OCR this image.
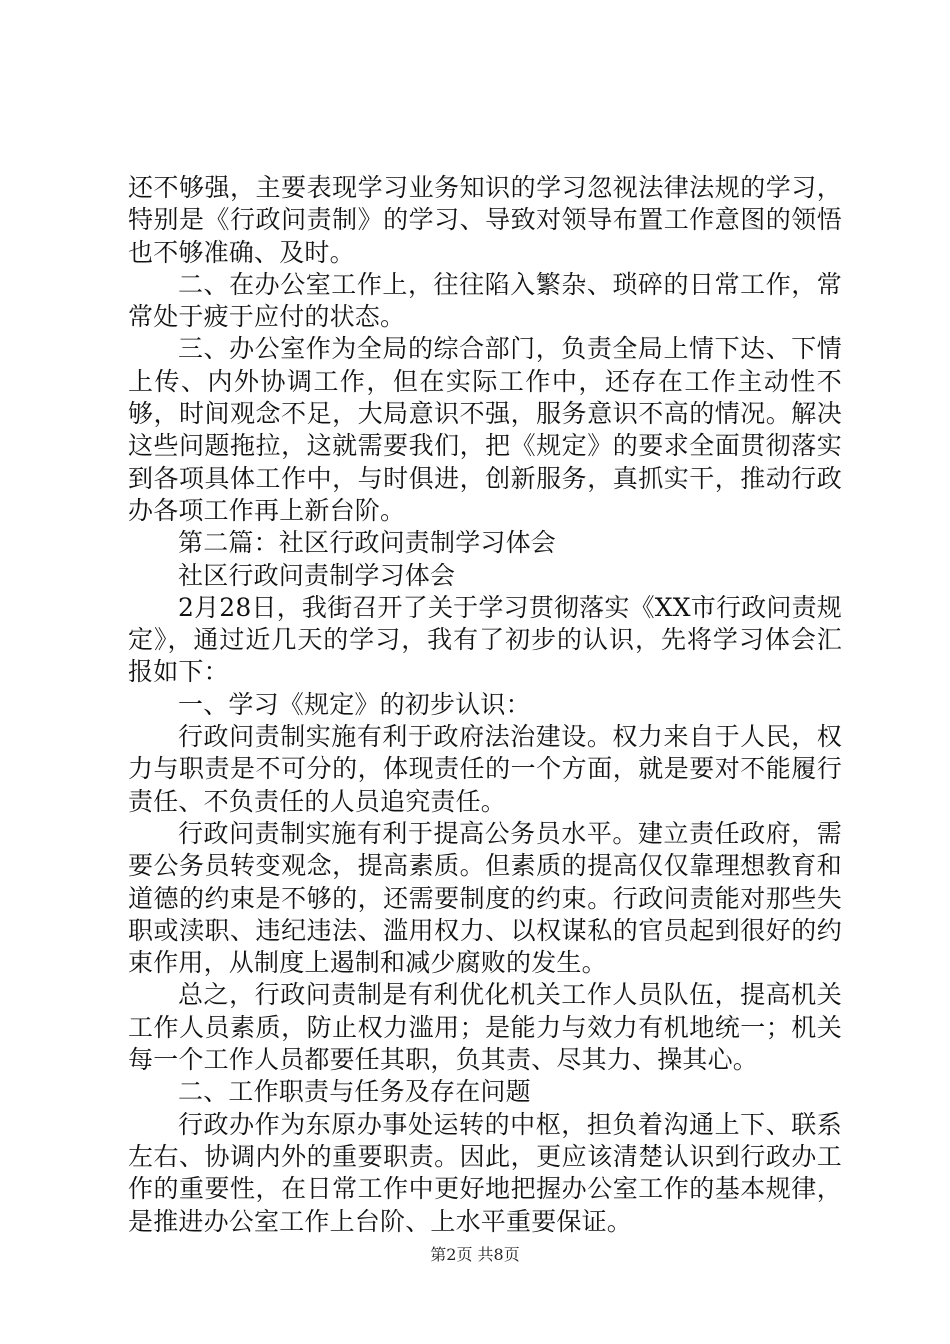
还不够强，主要表现学习业务知识的学习忽视法律法规的学习，特别是《行政问责制》的学习、导致对领导布置工作意图的领悟也不够准确、及时。

二、在办公室工作上，往往陷入繁杂、琐碎的日常工作，常常处于疲于应付的状态。

三、办公室作为全局的综合部门，负责全局上情下达、下情上传、内外协调工作，但在实际工作中，还存在工作主动性不够，时间观念不足，大局意识不强，服务意识不高的情况。解决这些问题拖拉，这就需要我们，把《规定》的要求全面贯彻落实到各项具体工作中，与时俱进，创新服务，真抓实干，推动行政办各项工作再上新台阶。

第二篇：社区行政问责制学习体会

社区行政问责制学习体会

2月28日，我街召开了关于学习贯彻落实《XX市行政问责规定》，通过近几天的学习，我有了初步的认识，先将学习体会汇报如下：

一、学习《规定》的初步认识：

行政问责制实施有利于政府法治建设。权力来自于人民，权力与职责是不可分的，体现责任的一个方面，就是要对不能履行责任、不负责任的人员追究责任。

行政问责制实施有利于提高公务员水平。建立责任政府，需要公务员转变观念，提高素质。但素质的提高仅仅靠理想教育和道德的约束是不够的，还需要制度的约束。行政问责能对那些失职或渎职、违纪违法、滥用权力、以权谋私的官员起到很好的约束作用，从制度上遏制和减少腐败的发生。

总之，行政问责制是有利优化机关工作人员队伍，提高机关工作人员素质，防止权力滥用；是能力与效力有机地统一；机关每一个工作人员都要任其职，负其责、尽其力、操其心。

二、工作职责与任务及存在问题

行政办作为东原办事处运转的中枢，担负着沟通上下、联系左右、协调内外的重要职责。因此，更应该清楚认识到行政办工作的重要性，在日常工作中更好地把握办公室工作的基本规律，是推进办公室工作上台阶、上水平重要保证。

第2页 共8页
